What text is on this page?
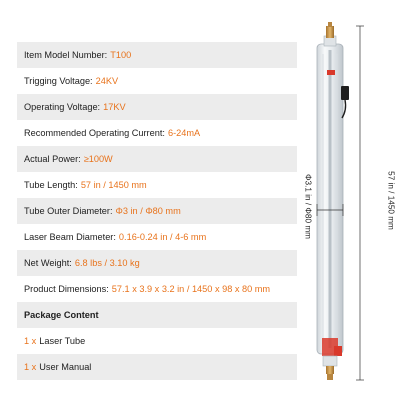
Item Model Number: T100
Trigging Voltage: 24KV
Operating Voltage: 17KV
Recommended Operating Current: 6-24mA
Actual Power: ≥100W
Tube Length: 57 in / 1450 mm
Tube Outer Diameter: Φ3 in / Φ80 mm
Laser Beam Diameter: 0.16-0.24 in / 4-6 mm
Net Weight: 6.8 lbs / 3.10 kg
Product Dimensions: 57.1 x 3.9 x 3.2 in / 1450 x 98 x 80 mm
Package Content
1 x Laser Tube
1 x User Manual
57 in / 1450 mm
Φ3.1 in / Φ80 mm
